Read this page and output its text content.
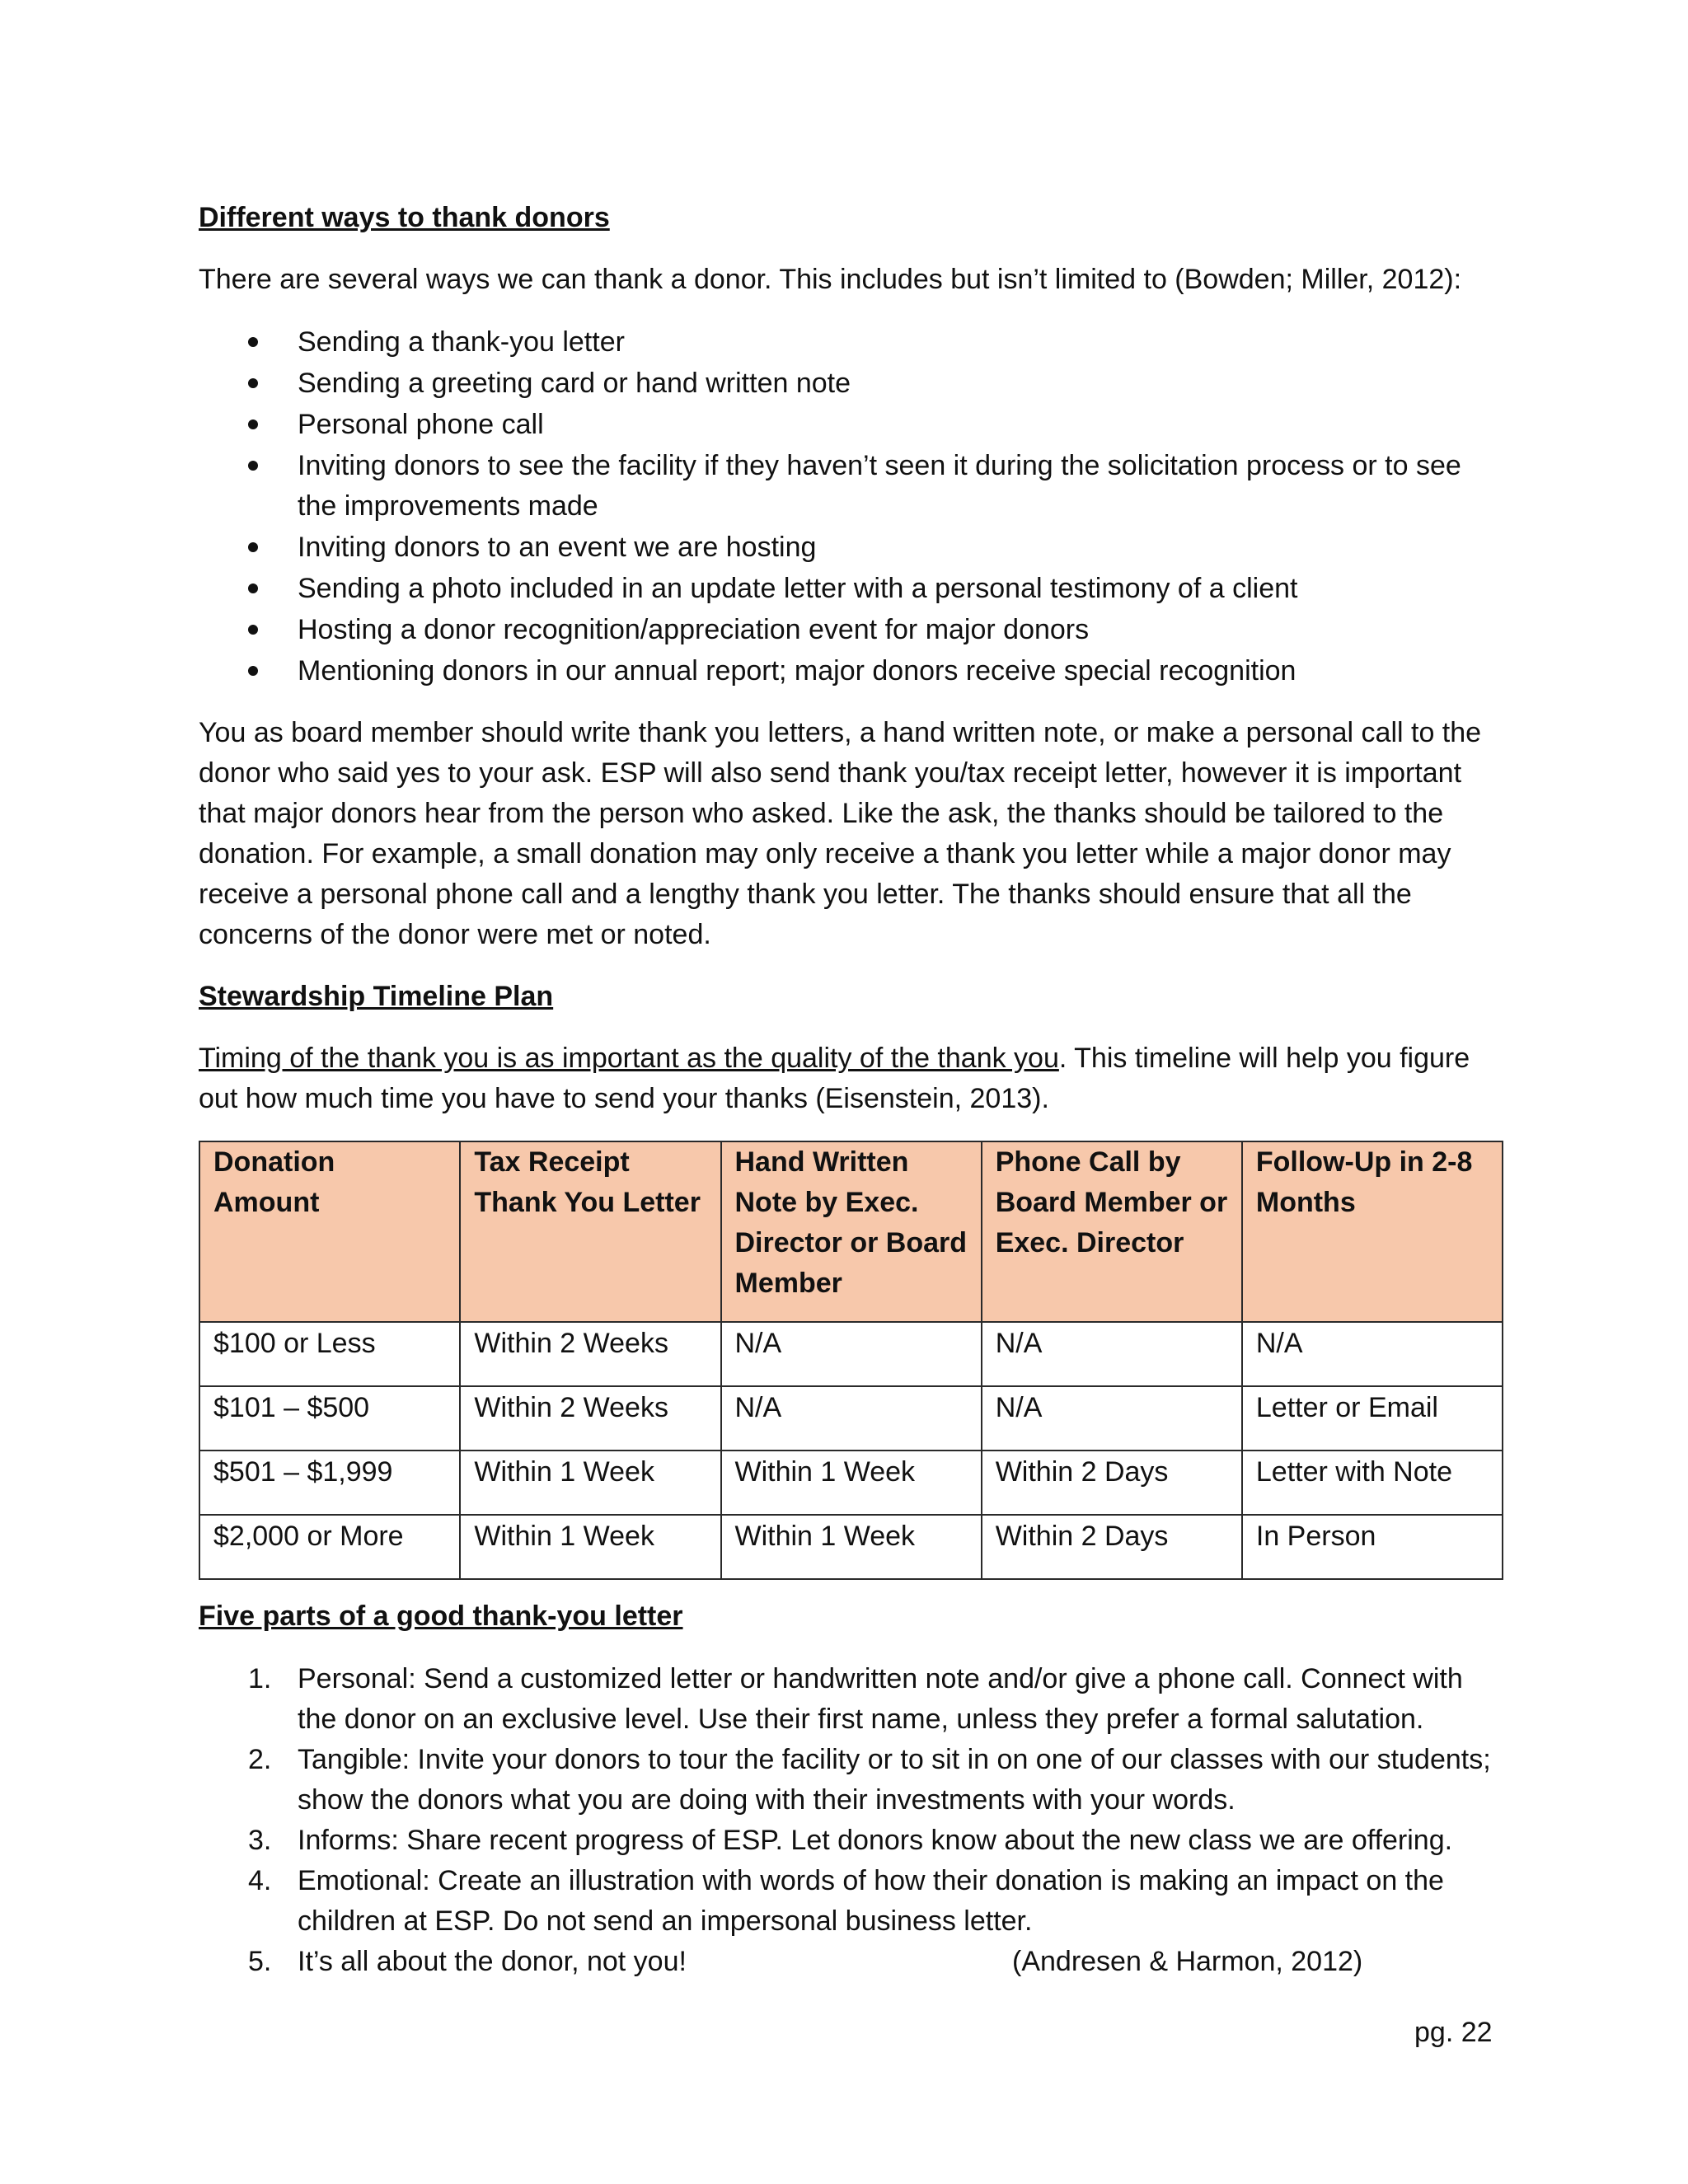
Different ways to thank donors

There are several ways we can thank a donor. This includes but isn’t limited to (Bowden; Miller, 2012):

Sending a thank-you letter
Sending a greeting card or hand written note
Personal phone call
Inviting donors to see the facility if they haven’t seen it during the solicitation process or to see the improvements made
Inviting donors to an event we are hosting
Sending a photo included in an update letter with a personal testimony of a client
Hosting a donor recognition/appreciation event for major donors
Mentioning donors in our annual report; major donors receive special recognition

You as board member should write thank you letters, a hand written note, or make a personal call to the donor who said yes to your ask. ESP will also send thank you/tax receipt letter, however it is important that major donors hear from the person who asked. Like the ask, the thanks should be tailored to the donation. For example, a small donation may only receive a thank you letter while a major donor may receive a personal phone call and a lengthy thank you letter. The thanks should ensure that all the concerns of the donor were met or noted.

Stewardship Timeline Plan

Timing of the thank you is as important as the quality of the thank you. This timeline will help you figure out how much time you have to send your thanks (Eisenstein, 2013).

Donation Amount	Tax Receipt Thank You Letter	Hand Written Note by Exec. Director or Board Member	Phone Call by Board Member or Exec. Director	Follow-Up in 2-8 Months
$100 or Less	Within 2 Weeks	N/A	N/A	N/A
$101 – $500	Within 2 Weeks	N/A	N/A	Letter or Email
$501 – $1,999	Within 1 Week	Within 1 Week	Within 2 Days	Letter with Note
$2,000 or More	Within 1 Week	Within 1 Week	Within 2 Days	In Person

Five parts of a good thank-you letter

1. Personal: Send a customized letter or handwritten note and/or give a phone call. Connect with the donor on an exclusive level. Use their first name, unless they prefer a formal salutation.
2. Tangible: Invite your donors to tour the facility or to sit in on one of our classes with our students; show the donors what you are doing with their investments with your words.
3. Informs: Share recent progress of ESP. Let donors know about the new class we are offering.
4. Emotional: Create an illustration with words of how their donation is making an impact on the children at ESP. Do not send an impersonal business letter.
5. It’s all about the donor, not you!	(Andresen & Harmon, 2012)
pg. 22
